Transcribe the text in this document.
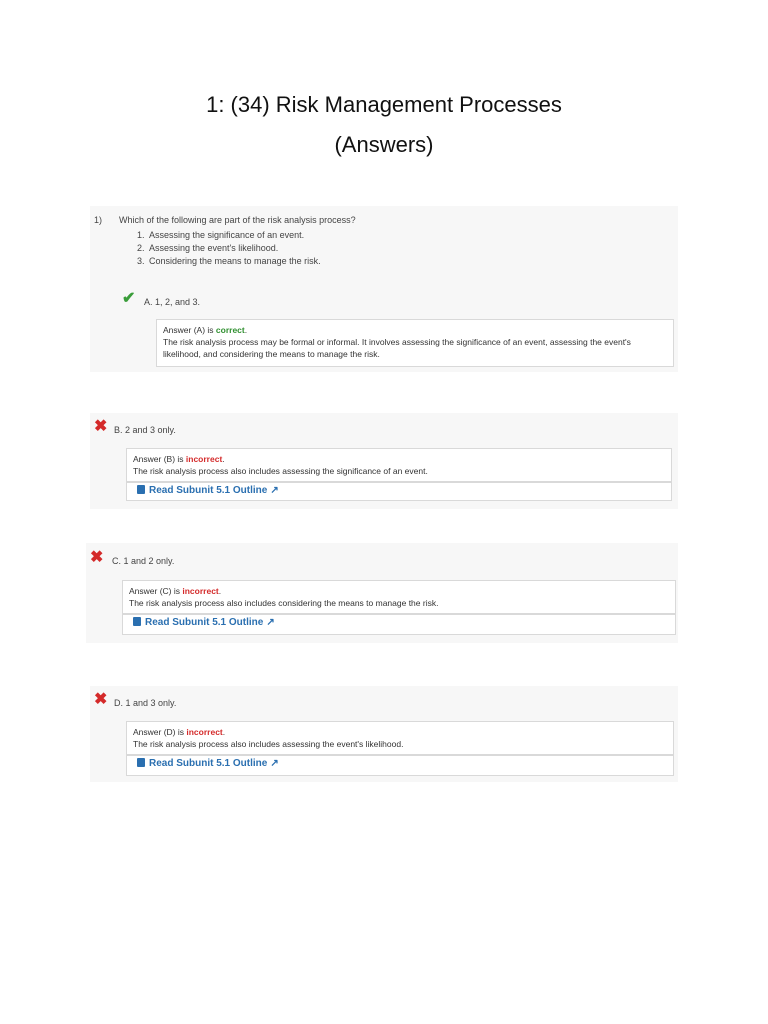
1: (34) Risk Management Processes
(Answers)
1) Which of the following are part of the risk analysis process?
1. Assessing the significance of an event.
2. Assessing the event's likelihood.
3. Considering the means to manage the risk.
✔ A. 1, 2, and 3.
Answer (A) is correct.
The risk analysis process may be formal or informal. It involves assessing the significance of an event, assessing the event's likelihood, and considering the means to manage the risk.
✖ B. 2 and 3 only.
Answer (B) is incorrect.
The risk analysis process also includes assessing the significance of an event.
Read Subunit 5.1 Outline ↗
✖ C. 1 and 2 only.
Answer (C) is incorrect.
The risk analysis process also includes considering the means to manage the risk.
Read Subunit 5.1 Outline ↗
✖ D. 1 and 3 only.
Answer (D) is incorrect.
The risk analysis process also includes assessing the event's likelihood.
Read Subunit 5.1 Outline ↗
